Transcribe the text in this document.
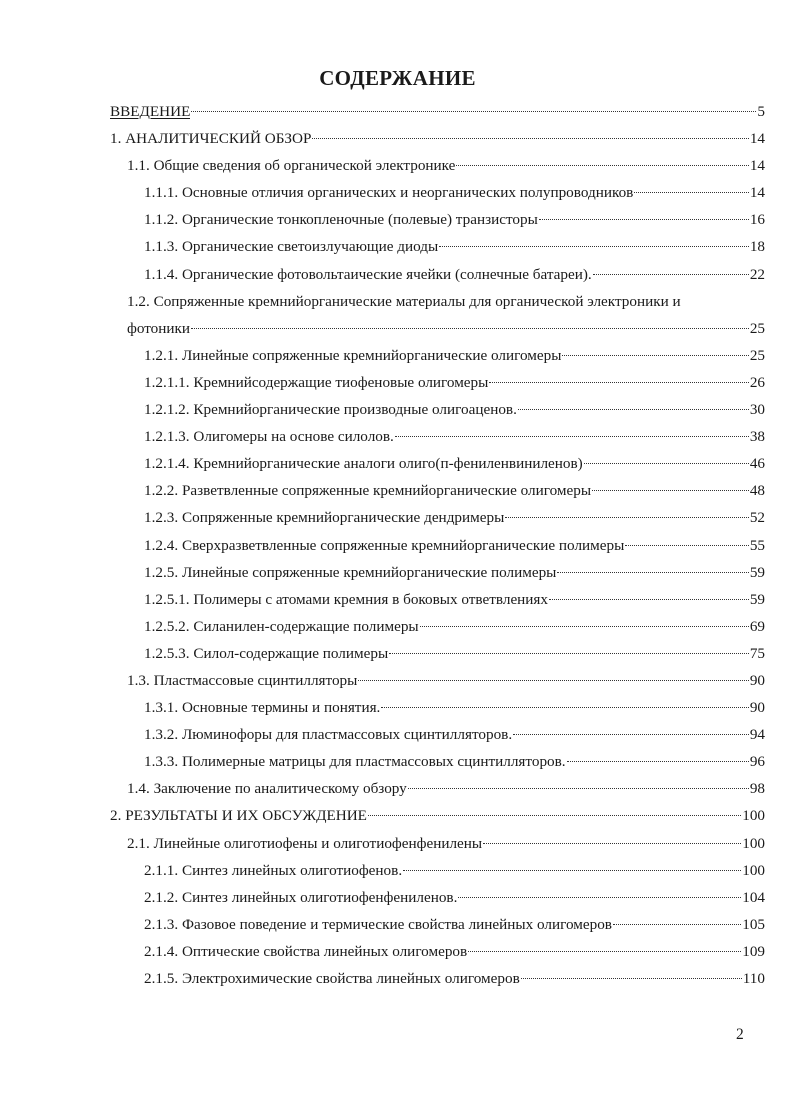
СОДЕРЖАНИЕ
ВВЕДЕНИЕ	5
1. АНАЛИТИЧЕСКИЙ ОБЗОР	14
1.1. Общие сведения об органической электронике	14
1.1.1. Основные отличия органических и неорганических полупроводников	14
1.1.2. Органические тонкопленочные (полевые) транзисторы	16
1.1.3. Органические светоизлучающие диоды	18
1.1.4. Органические фотовольтаические ячейки (солнечные батареи).	22
1.2. Сопряженные кремнийорганические материалы для органической электроники и
фотоники	25
1.2.1. Линейные сопряженные кремнийорганические олигомеры	25
1.2.1.1. Кремнийсодержащие тиофеновые олигомеры	26
1.2.1.2. Кремнийорганические производные олигоаценов.	30
1.2.1.3. Олигомеры на основе силолов.	38
1.2.1.4. Кремнийорганические аналоги олиго(п-фениленвиниленов)	46
1.2.2. Разветвленные сопряженные кремнийорганические олигомеры	48
1.2.3. Сопряженные кремнийорганические дендримеры	52
1.2.4. Сверхразветвленные сопряженные кремнийорганические полимеры	55
1.2.5. Линейные сопряженные кремнийорганические полимеры	59
1.2.5.1. Полимеры с атомами кремния в боковых ответвлениях	59
1.2.5.2. Силанилен-содержащие полимеры	69
1.2.5.3. Силол-содержащие полимеры	75
1.3. Пластмассовые сцинтилляторы	90
1.3.1. Основные термины и понятия.	90
1.3.2. Люминофоры для пластмассовых сцинтилляторов.	94
1.3.3. Полимерные матрицы для пластмассовых сцинтилляторов.	96
1.4. Заключение по аналитическому обзору	98
2. РЕЗУЛЬТАТЫ И ИХ ОБСУЖДЕНИЕ	100
2.1. Линейные олиготиофены и олиготиофенфенилены	100
2.1.1. Синтез линейных олиготиофенов.	100
2.1.2. Синтез линейных олиготиофенфениленов.	104
2.1.3. Фазовое поведение и термические свойства линейных олигомеров	105
2.1.4. Оптические свойства линейных олигомеров	109
2.1.5. Электрохимические свойства линейных олигомеров	110
2
